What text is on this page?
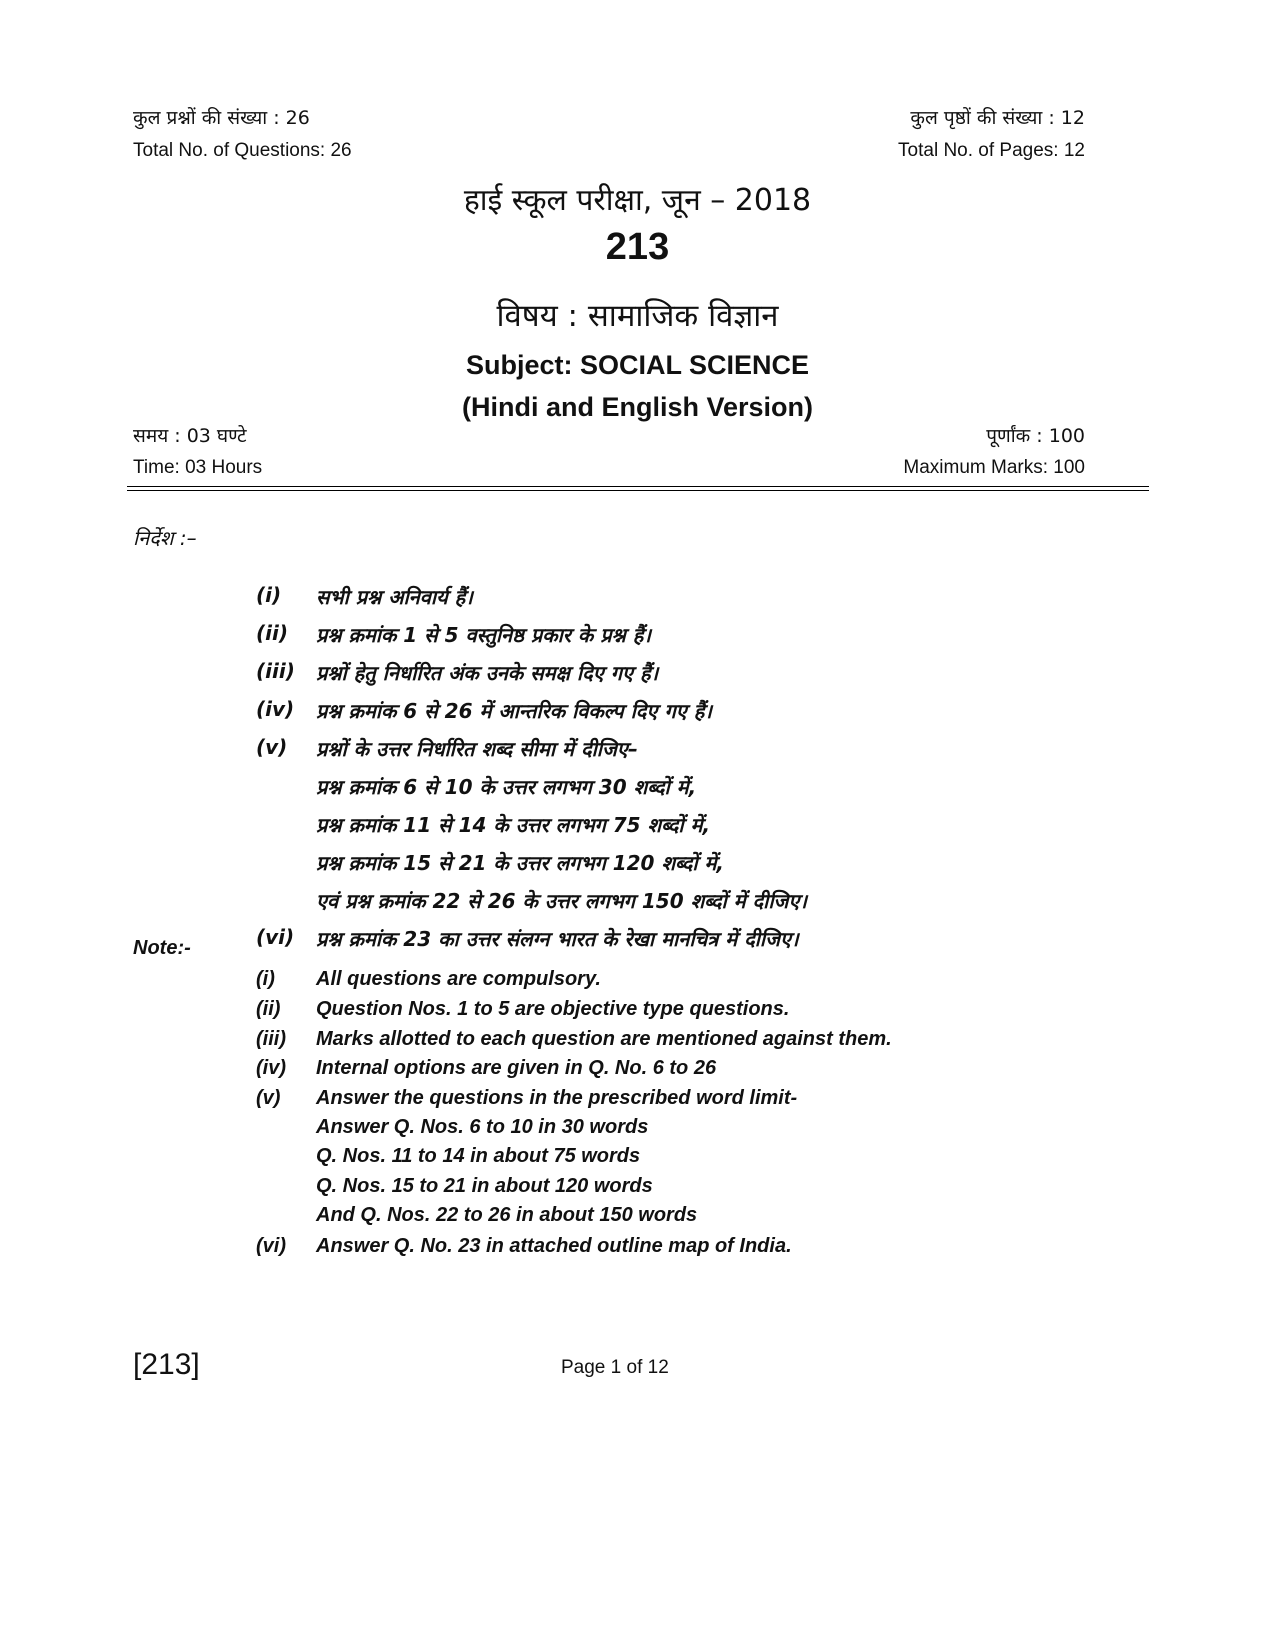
कुल प्रश्नों की संख्या : 26
Total No. of Questions: 26
कुल पृष्ठों की संख्या : 12
Total No. of Pages: 12
हाई स्कूल परीक्षा, जून – 2018
213
विषय : सामाजिक विज्ञान
Subject: SOCIAL SCIENCE
(Hindi and English Version)
समय : 03 घण्टे
Time: 03 Hours
पूर्णांक : 100
Maximum Marks: 100
निर्देश :–
(i) सभी प्रश्न अनिवार्य हैं।
(ii) प्रश्न क्रमांक 1 से 5 वस्तुनिष्ठ प्रकार के प्रश्न हैं।
(iii) प्रश्नों हेतु निर्धारित अंक उनके समक्ष दिए गए हैं।
(iv) प्रश्न क्रमांक 6 से 26 में आन्तरिक विकल्प दिए गए हैं।
(v) प्रश्नों के उत्तर निर्धारित शब्द सीमा में दीजिए–
प्रश्न क्रमांक 6 से 10 के उत्तर लगभग 30 शब्दों में,
प्रश्न क्रमांक 11 से 14 के उत्तर लगभग 75 शब्दों में,
प्रश्न क्रमांक 15 से 21 के उत्तर लगभग 120 शब्दों में,
एवं प्रश्न क्रमांक 22 से 26 के उत्तर लगभग 150 शब्दों में दीजिए।
(vi) प्रश्न क्रमांक 23 का उत्तर संलग्न भारत के रेखा मानचित्र में दीजिए।
Note:-
(i) All questions are compulsory.
(ii) Question Nos. 1 to 5 are objective type questions.
(iii) Marks allotted to each question are mentioned against them.
(iv) Internal options are given in Q. No. 6 to 26
(v) Answer the questions in the prescribed word limit-
Answer Q. Nos. 6 to 10 in 30 words
Q. Nos. 11 to 14 in about 75 words
Q. Nos. 15 to 21 in about 120 words
And Q. Nos. 22 to 26 in about 150 words
(vi) Answer Q. No. 23 in attached outline map of India.
[213]	Page 1 of 12
